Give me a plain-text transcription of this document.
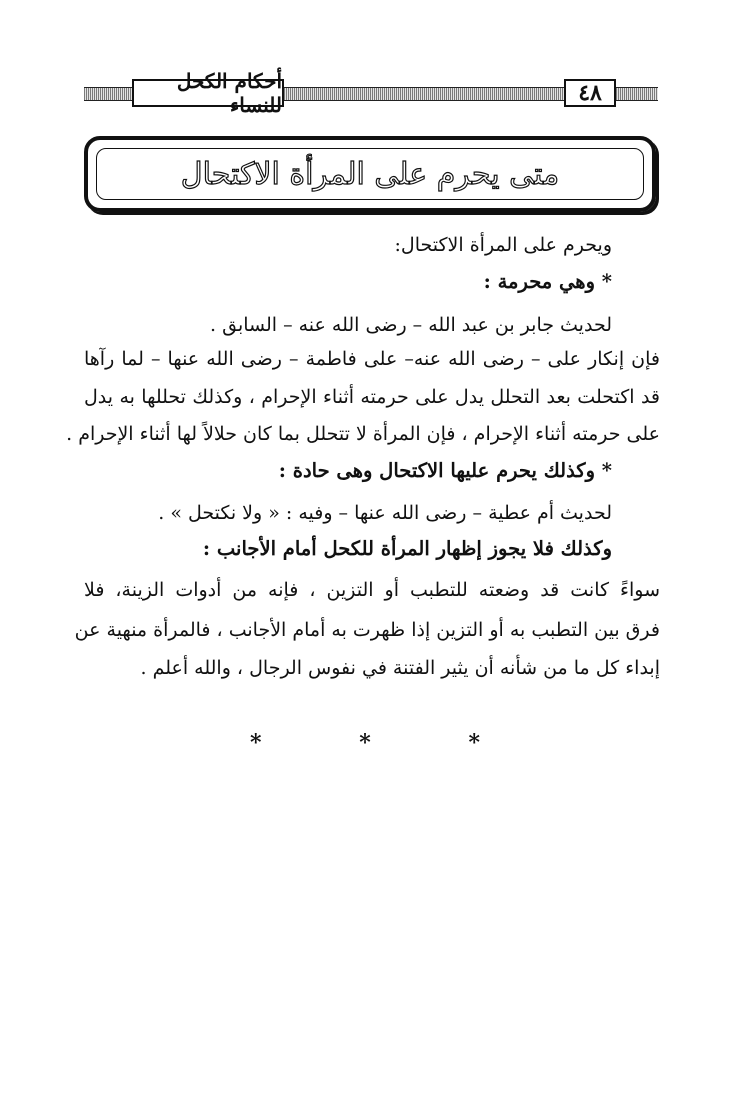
أحكام الكحل للنساء	٤٨
متى يحرم على المرأة الاكتحال
ويحرم على المرأة الاكتحال:
* وهي محرمة :
لحديث جابر بن عبد الله – رضى الله عنه – السابق .
فإن إنكار على – رضى الله عنه– على فاطمة – رضى الله عنها – لما رآها
قد اكتحلت بعد التحلل يدل على حرمته أثناء الإحرام ، وكذلك تحللها به يدل
على حرمته أثناء الإحرام ، فإن المرأة لا تتحلل بما كان حلالاً لها أثناء الإحرام .
* وكذلك يحرم عليها الاكتحال وهى حادة :
لحديث أم عطية – رضى الله عنها – وفيه : « ولا نكتحل » .
وكذلك فلا يجوز إظهار المرأة للكحل أمام الأجانب :
سواءً كانت قد وضعته للتطبب أو التزين ، فإنه من أدوات الزينة، فلا
فرق بين التطبب به أو التزين إذا ظهرت به أمام الأجانب ، فالمرأة منهية عن
إبداء كل ما من شأنه أن يثير الفتنة في نفوس الرجال ، والله أعلم .
*	*	*
